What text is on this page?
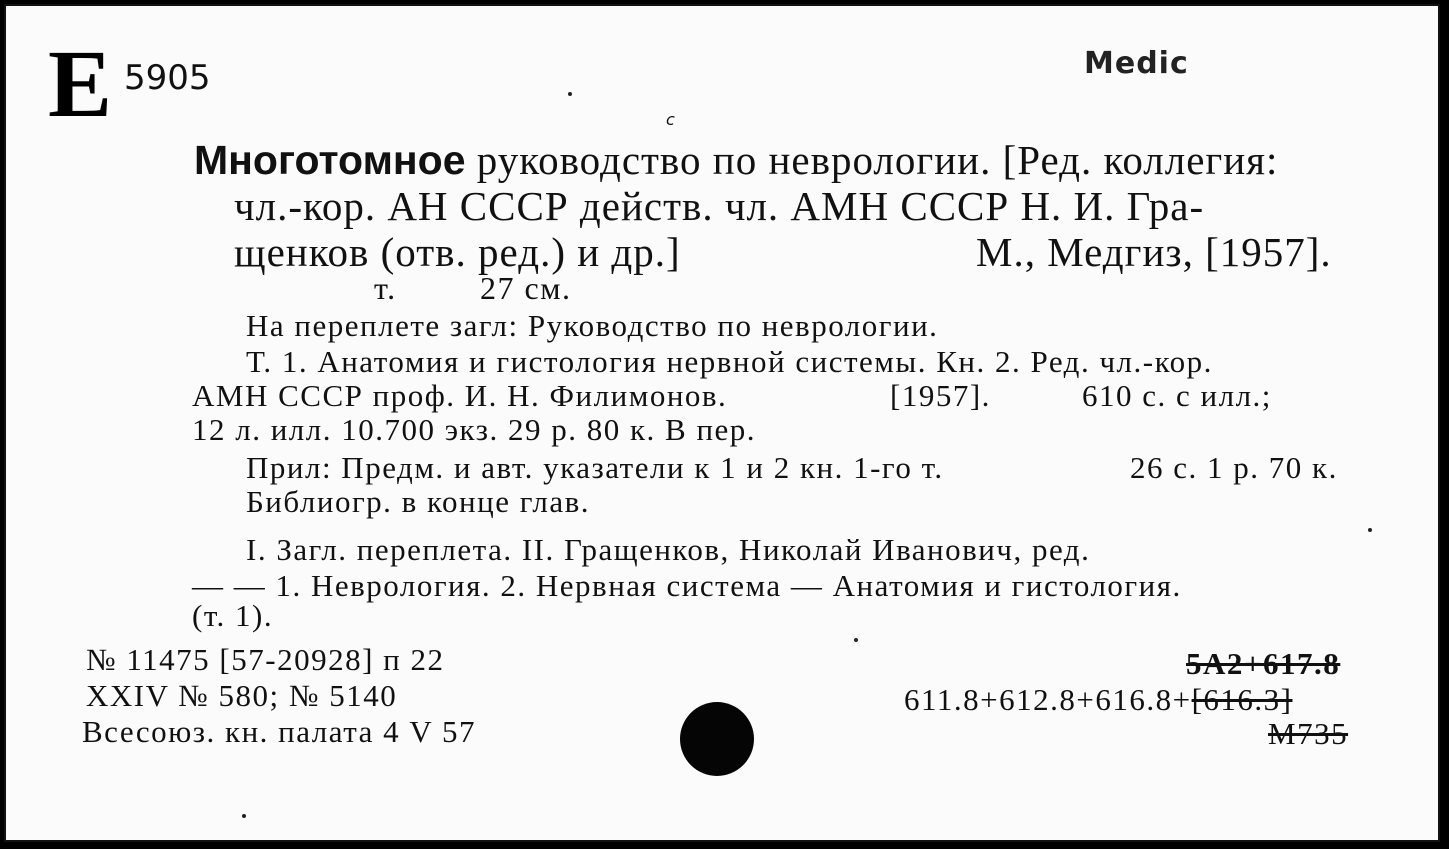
Е 5905	Medic
c
Многотомное руководство по неврологии. [Ред. коллегия:
чл.-кор. АН СССР действ. чл. АМН СССР Н. И. Гра-
щенков (отв. ред.) и др.]	М., Медгиз, [1957].
т.	27 см.
На переплете загл: Руководство по неврологии.
Т. 1. Анатомия и гистология нервной системы. Кн. 2. Ред. чл.-кор.
АМН СССР проф. И. Н. Филимонов.	[1957].	610 с. с илл.;
12 л. илл. 10.700 экз. 29 р. 80 к. В пер.
Прил: Предм. и авт. указатели к 1 и 2 кн. 1-го т.	26 с. 1 р. 70 к.
Библиогр. в конце глав.
I. Загл. переплета. II. Гращенков, Николай Иванович, ред.
— — 1. Неврология. 2. Нервная система — Анатомия и гистология.
(т. 1).
№ 11475 [57-20928] п 22
XXIV № 580; № 5140
Всесоюз. кн. палата 4 V 57
5А2+617.8
611.8+612.8+616.8+[616.3]
М735
